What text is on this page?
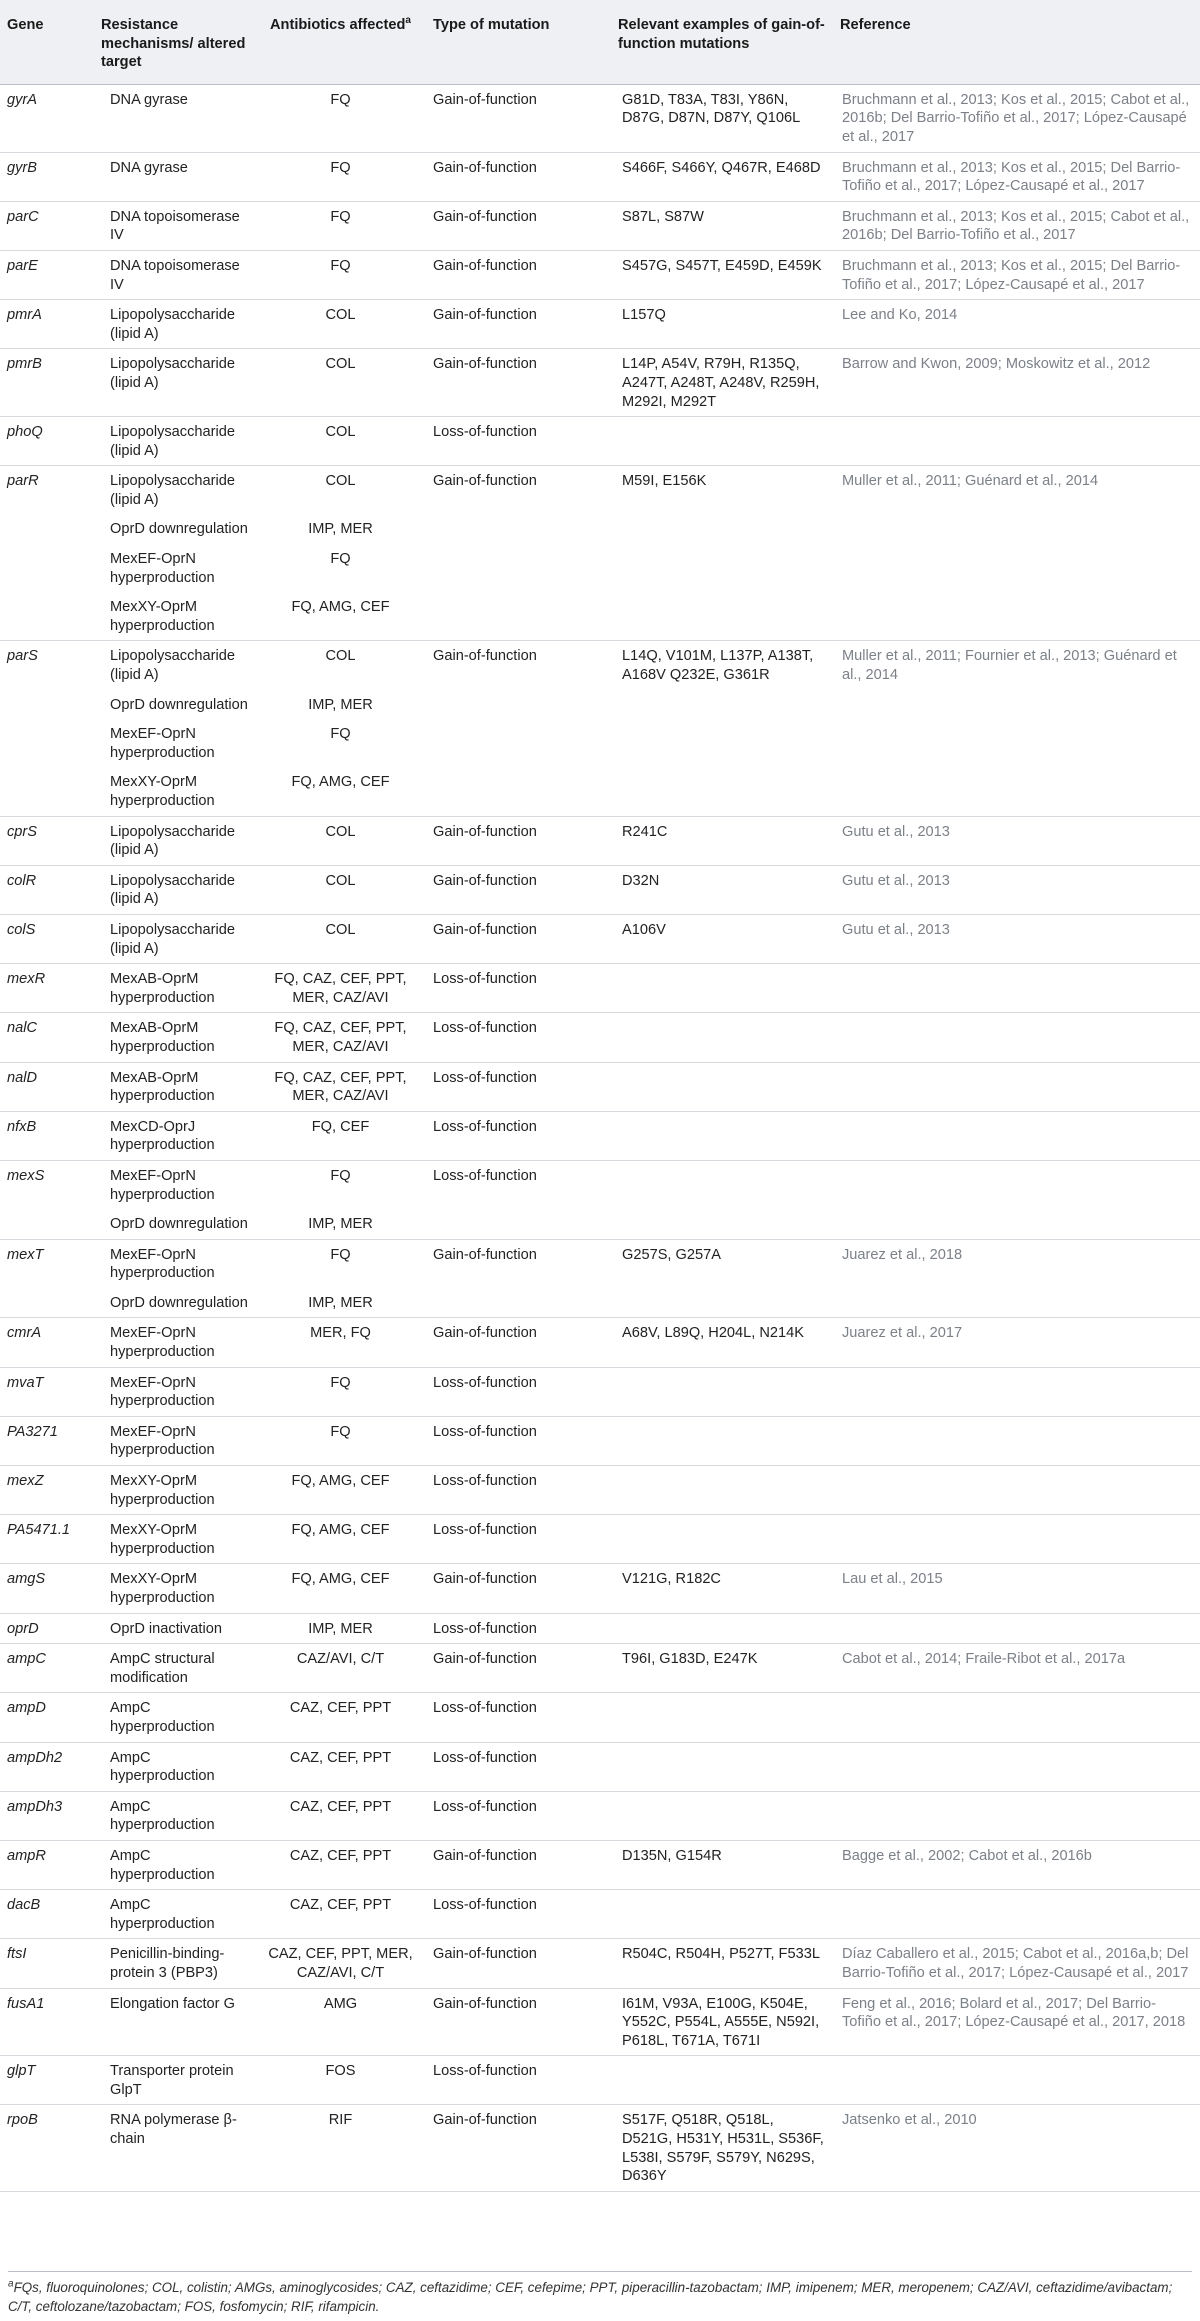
Gene	Resistance mechanisms/ altered target	Antibiotics affected$^a$	Type of mutation	Relevant examples of gain-of-function mutations	Reference
gyrA	DNA gyrase	FQ	Gain-of-function	G81D, T83A, T83I, Y86N, D87G, D87N, D87Y, Q106L	Bruchmann et al., 2013; Kos et al., 2015; Cabot et al., 2016b; Del Barrio-Tofiño et al., 2017; López-Causapé et al., 2017
gyrB	DNA gyrase	FQ	Gain-of-function	S466F, S466Y, Q467R, E468D	Bruchmann et al., 2013; Kos et al., 2015; Del Barrio-Tofiño et al., 2017; López-Causapé et al., 2017
parC	DNA topoisomerase IV	FQ	Gain-of-function	S87L, S87W	Bruchmann et al., 2013; Kos et al., 2015; Cabot et al., 2016b; Del Barrio-Tofiño et al., 2017
parE	DNA topoisomerase IV	FQ	Gain-of-function	S457G, S457T, E459D, E459K	Bruchmann et al., 2013; Kos et al., 2015; Del Barrio-Tofiño et al., 2017; López-Causapé et al., 2017
pmrA	Lipopolysaccharide (lipid A)	COL	Gain-of-function	L157Q	Lee and Ko, 2014
pmrB	Lipopolysaccharide (lipid A)	COL	Gain-of-function	L14P, A54V, R79H, R135Q, A247T, A248T, A248V, R259H, M292I, M292T	Barrow and Kwon, 2009; Moskowitz et al., 2012
phoQ	Lipopolysaccharide (lipid A)	COL	Loss-of-function		
parR	Lipopolysaccharide (lipid A)	COL	Gain-of-function	M59I, E156K	Muller et al., 2011; Guénard et al., 2014
	OprD downregulation	IMP, MER			
	MexEF-OprN hyperproduction	FQ			
	MexXY-OprM hyperproduction	FQ, AMG, CEF			
parS	Lipopolysaccharide (lipid A)	COL	Gain-of-function	L14Q, V101M, L137P, A138T, A168V Q232E, G361R	Muller et al., 2011; Fournier et al., 2013; Guénard et al., 2014
	OprD downregulation	IMP, MER			
	MexEF-OprN hyperproduction	FQ			
	MexXY-OprM hyperproduction	FQ, AMG, CEF			
cprS	Lipopolysaccharide (lipid A)	COL	Gain-of-function	R241C	Gutu et al., 2013
colR	Lipopolysaccharide (lipid A)	COL	Gain-of-function	D32N	Gutu et al., 2013
colS	Lipopolysaccharide (lipid A)	COL	Gain-of-function	A106V	Gutu et al., 2013
mexR	MexAB-OprM hyperproduction	FQ, CAZ, CEF, PPT, MER, CAZ/AVI	Loss-of-function		
nalC	MexAB-OprM hyperproduction	FQ, CAZ, CEF, PPT, MER, CAZ/AVI	Loss-of-function		
nalD	MexAB-OprM hyperproduction	FQ, CAZ, CEF, PPT, MER, CAZ/AVI	Loss-of-function		
nfxB	MexCD-OprJ hyperproduction	FQ, CEF	Loss-of-function		
mexS	MexEF-OprN hyperproduction	FQ	Loss-of-function		
	OprD downregulation	IMP, MER			
mexT	MexEF-OprN hyperproduction	FQ	Gain-of-function	G257S, G257A	Juarez et al., 2018
	OprD downregulation	IMP, MER			
cmrA	MexEF-OprN hyperproduction	MER, FQ	Gain-of-function	A68V, L89Q, H204L, N214K	Juarez et al., 2017
mvaT	MexEF-OprN hyperproduction	FQ	Loss-of-function		
PA3271	MexEF-OprN hyperproduction	FQ	Loss-of-function		
mexZ	MexXY-OprM hyperproduction	FQ, AMG, CEF	Loss-of-function		
PA5471.1	MexXY-OprM hyperproduction	FQ, AMG, CEF	Loss-of-function		
amgS	MexXY-OprM hyperproduction	FQ, AMG, CEF	Gain-of-function	V121G, R182C	Lau et al., 2015
oprD	OprD inactivation	IMP, MER	Loss-of-function		
ampC	AmpC structural modification	CAZ/AVI, C/T	Gain-of-function	T96I, G183D, E247K	Cabot et al., 2014; Fraile-Ribot et al., 2017a
ampD	AmpC hyperproduction	CAZ, CEF, PPT	Loss-of-function		
ampDh2	AmpC hyperproduction	CAZ, CEF, PPT	Loss-of-function		
ampDh3	AmpC hyperproduction	CAZ, CEF, PPT	Loss-of-function		
ampR	AmpC hyperproduction	CAZ, CEF, PPT	Gain-of-function	D135N, G154R	Bagge et al., 2002; Cabot et al., 2016b
dacB	AmpC hyperproduction	CAZ, CEF, PPT	Loss-of-function		
ftsI	Penicillin-binding-protein 3 (PBP3)	CAZ, CEF, PPT, MER, CAZ/AVI, C/T	Gain-of-function	R504C, R504H, P527T, F533L	Díaz Caballero et al., 2015; Cabot et al., 2016a,b; Del Barrio-Tofiño et al., 2017; López-Causapé et al., 2017
fusA1	Elongation factor G	AMG	Gain-of-function	I61M, V93A, E100G, K504E, Y552C, P554L, A555E, N592I, P618L, T671A, T671I	Feng et al., 2016; Bolard et al., 2017; Del Barrio-Tofiño et al., 2017; López-Causapé et al., 2017, 2018
glpT	Transporter protein GlpT	FOS	Loss-of-function		
rpoB	RNA polymerase β-chain	RIF	Gain-of-function	S517F, Q518R, Q518L, D521G, H531Y, H531L, S536F, L538I, S579F, S579Y, N629S, D636Y	Jatsenko et al., 2010
$^a$FQs, fluoroquinolones; COL, colistin; AMGs, aminoglycosides; CAZ, ceftazidime; CEF, cefepime; PPT, piperacillin-tazobactam; IMP, imipenem; MER, meropenem; CAZ/AVI, ceftazidime/avibactam; C/T, ceftolozane/tazobactam; FOS, fosfomycin; RIF, rifampicin.
